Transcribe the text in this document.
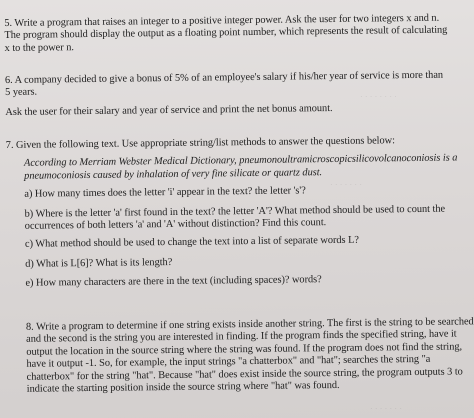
· · · · · · · ·
· · · · · · ·
· · · · · · ·

5. Write a program that raises an integer to a positive integer power. Ask the user for two integers x and n.

The program should display the output as a floating point number, which represents the result of calculating

x to the power n.

6. A company decided to give a bonus of 5% of an employee's salary if his/her year of service is more than

5 years.

Ask the user for their salary and year of service and print the net bonus amount.

7. Given the following text. Use appropriate string/list methods to answer the questions below:

According to Merriam Webster Medical Dictionary, pneumonoultramicroscopicsilicovolcanoconiosis is a

pneumoconiosis caused by inhalation of very fine silicate or quartz dust.

a) How many times does the letter 'i' appear in the text? the letter 's'?

b) Where is the letter 'a' first found in the text? the letter 'A'? What method should be used to count the

occurrences of both letters 'a' and 'A' without distinction? Find this count.

c) What method should be used to change the text into a list of separate words L?

d) What is L[6]? What is its length?

e) How many characters are there in the text (including spaces)? words?

8. Write a program to determine if one string exists inside another string. The first is the string to be searched

and the second is the string you are interested in finding. If the program finds the specified string, have it

output the location in the source string where the string was found. If the program does not find the string,

have it output -1. So, for example, the input strings "a chatterbox" and "hat"; searches the string "a

chatterbox" for the string "hat". Because "hat" does exist inside the source string, the program outputs 3 to

indicate the starting position inside the source string where "hat" was found.
